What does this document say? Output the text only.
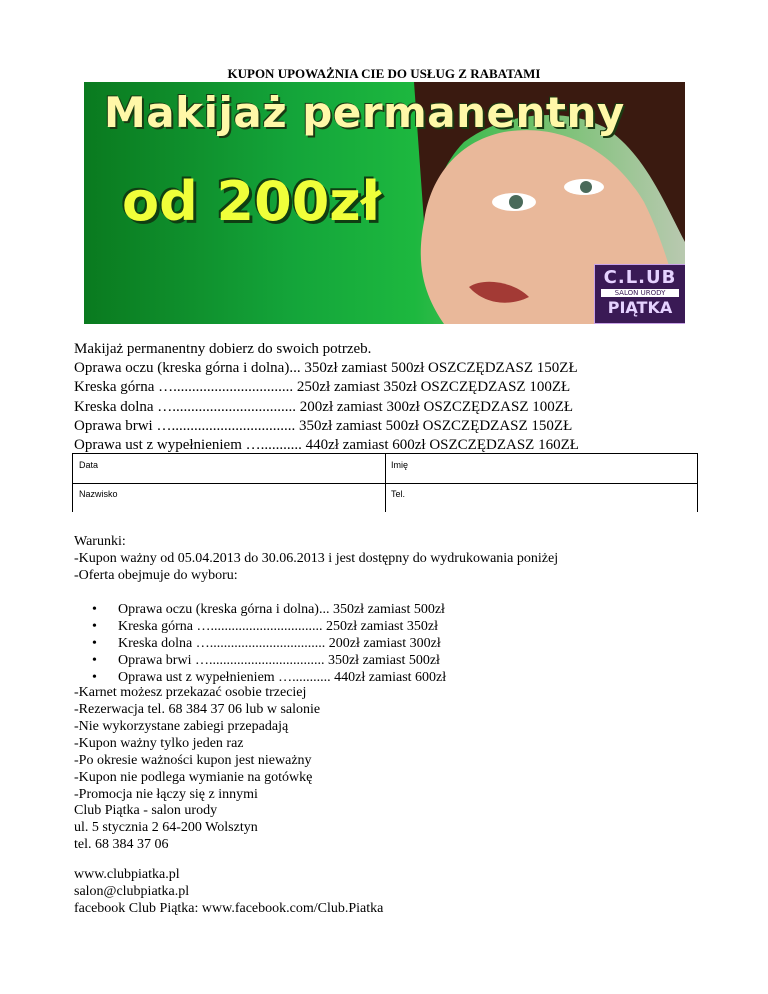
KUPON UPOWAŻNIA CIE DO USŁUG Z RABATAMI
Makijaż permanentny
od 200zł
C.L.UB
SALON URODY
PIĄTKA
Makijaż permanentny dobierz do swoich potrzeb.
Oprawa oczu (kreska górna i dolna)... 350zł zamiast 500zł OSZCZĘDZASZ 150ZŁ
Kreska górna …................................ 250zł zamiast 350zł OSZCZĘDZASZ 100ZŁ
Kreska dolna …................................. 200zł zamiast 300zł OSZCZĘDZASZ 100ZŁ
Oprawa brwi …................................. 350zł zamiast 500zł OSZCZĘDZASZ 150ZŁ
Oprawa ust z wypełnieniem …........... 440zł zamiast 600zł OSZCZĘDZASZ 160ZŁ
Data	Imię
Nazwisko	Tel.
Warunki:
-Kupon ważny od 05.04.2013 do 30.06.2013 i jest dostępny do wydrukowania poniżej
-Oferta obejmuje do wyboru:
• Oprawa oczu (kreska górna i dolna)... 350zł zamiast 500zł
• Kreska górna …................................ 250zł zamiast 350zł
• Kreska dolna …................................. 200zł zamiast 300zł
• Oprawa brwi …................................. 350zł zamiast 500zł
• Oprawa ust z wypełnieniem …........... 440zł zamiast 600zł
-Karnet możesz przekazać osobie trzeciej
-Rezerwacja tel. 68 384 37 06 lub w salonie
-Nie wykorzystane zabiegi przepadają
-Kupon ważny tylko jeden raz
-Po okresie ważności kupon jest nieważny
-Kupon nie podlega wymianie na gotówkę
-Promocja nie łączy się z innymi
Club Piątka - salon urody
ul. 5 stycznia 2 64-200 Wolsztyn
tel. 68 384 37 06
www.clubpiatka.pl
salon@clubpiatka.pl
facebook Club Piątka: www.facebook.com/Club.Piatka
